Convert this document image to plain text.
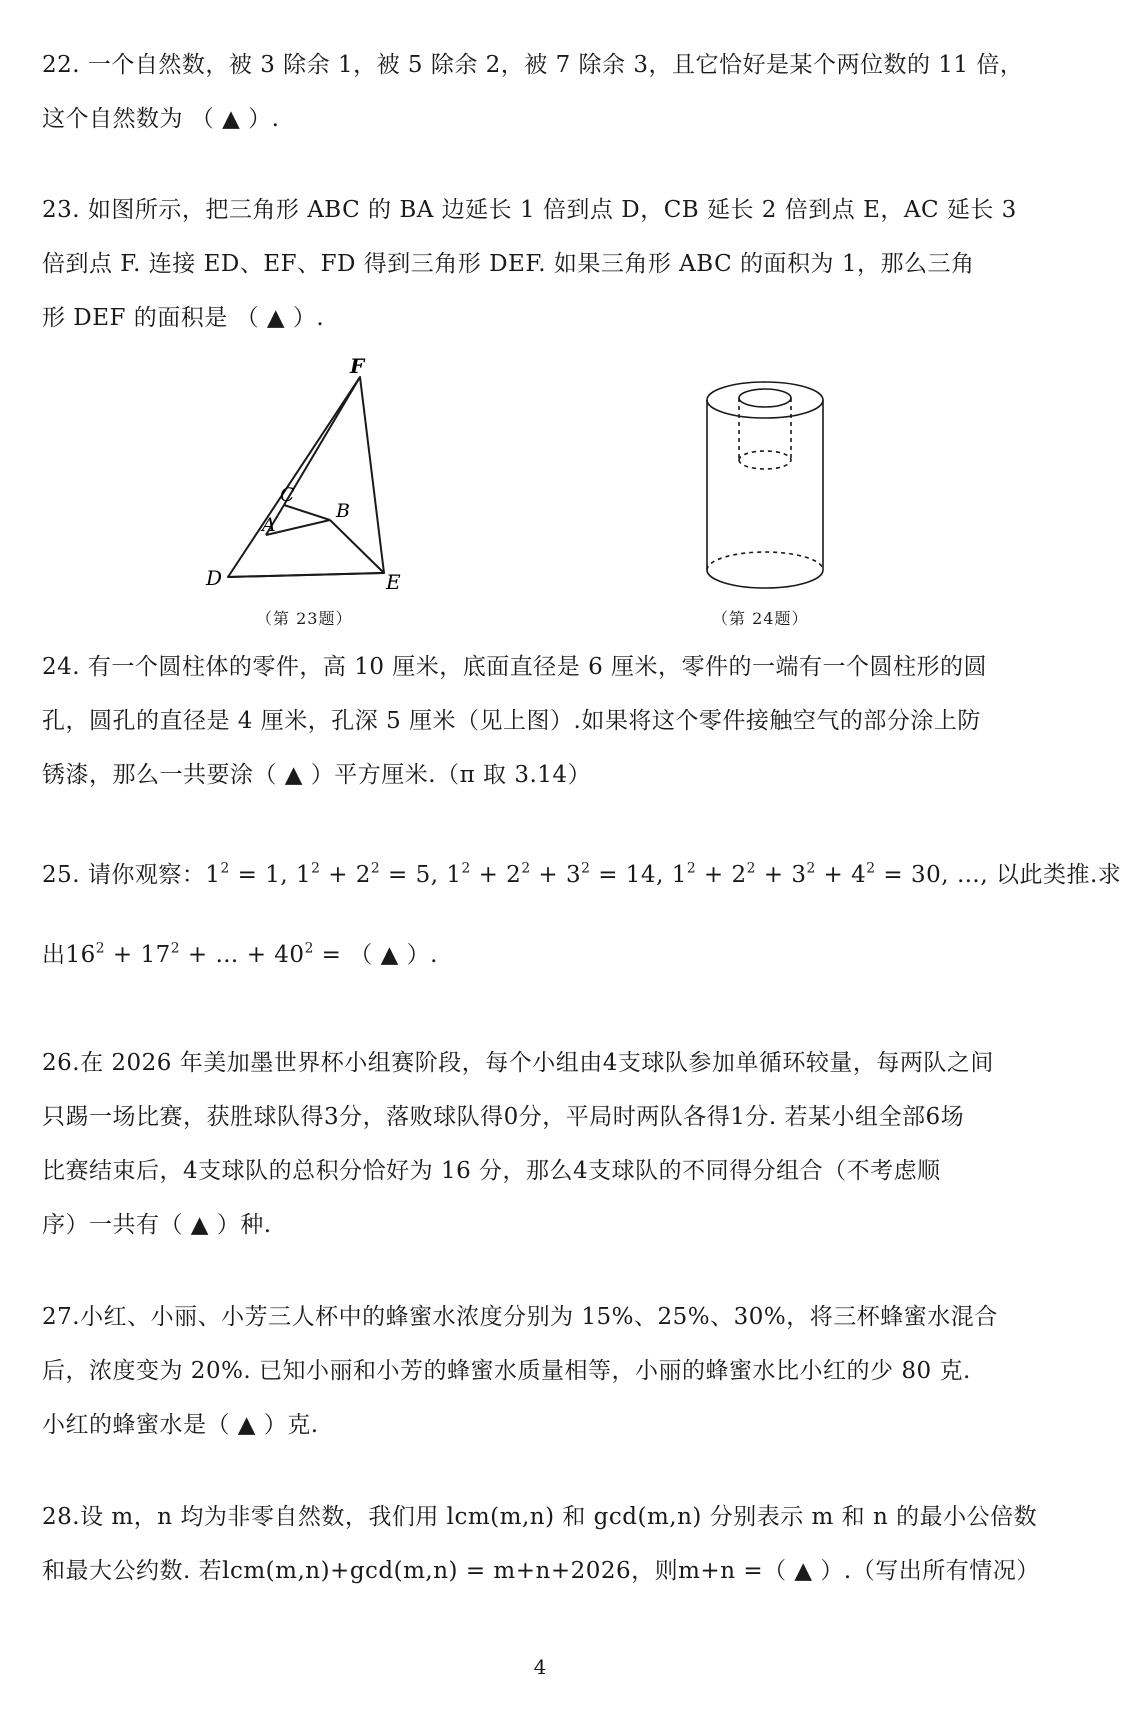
22. 一个自然数，被 3 除余 1，被 5 除余 2，被 7 除余 3，且它恰好是某个两位数的 11 倍，
这个自然数为 （ ▲ ）.
23. 如图所示，把三角形 ABC 的 BA 边延长 1 倍到点 D，CB 延长 2 倍到点 E，AC 延长 3
倍到点 F. 连接 ED、EF、FD 得到三角形 DEF. 如果三角形 ABC 的面积为 1，那么三角
形 DEF 的面积是 （ ▲ ）.
F
C
B
A
D	E
（第 23题）	（第 24题）
24. 有一个圆柱体的零件，高 10 厘米，底面直径是 6 厘米，零件的一端有一个圆柱形的圆
孔，圆孔的直径是 4 厘米，孔深 5 厘米（见上图）.如果将这个零件接触空气的部分涂上防
锈漆，那么一共要涂（ ▲ ）平方厘米.（π 取 3.14）
25. 请你观察：$1^2 = 1$, $1^2 + 2^2 = 5$, $1^2 + 2^2 + 3^2 = 14$, $1^2 + 2^2 + 3^2 + 4^2 = 30$, …, 以此类推.求
出$16^2 + 17^2$ + … + $40^2$ = （ ▲ ）.
26.在 2026 年美加墨世界杯小组赛阶段，每个小组由4支球队参加单循环较量，每两队之间
只踢一场比赛，获胜球队得3分，落败球队得0分，平局时两队各得1分. 若某小组全部6场
比赛结束后，4支球队的总积分恰好为 16 分，那么4支球队的不同得分组合（不考虑顺
序）一共有（ ▲ ）种.
27.小红、小丽、小芳三人杯中的蜂蜜水浓度分别为 15%、25%、30%，将三杯蜂蜜水混合
后，浓度变为 20%. 已知小丽和小芳的蜂蜜水质量相等，小丽的蜂蜜水比小红的少 80 克.
小红的蜂蜜水是（ ▲ ）克.
28.设 m，n 均为非零自然数，我们用 lcm(m,n) 和 gcd(m,n) 分别表示 m 和 n 的最小公倍数
和最大公约数. 若lcm(m,n)+gcd(m,n) = m+n+2026，则m+n =（ ▲ ）.（写出所有情况）
4
